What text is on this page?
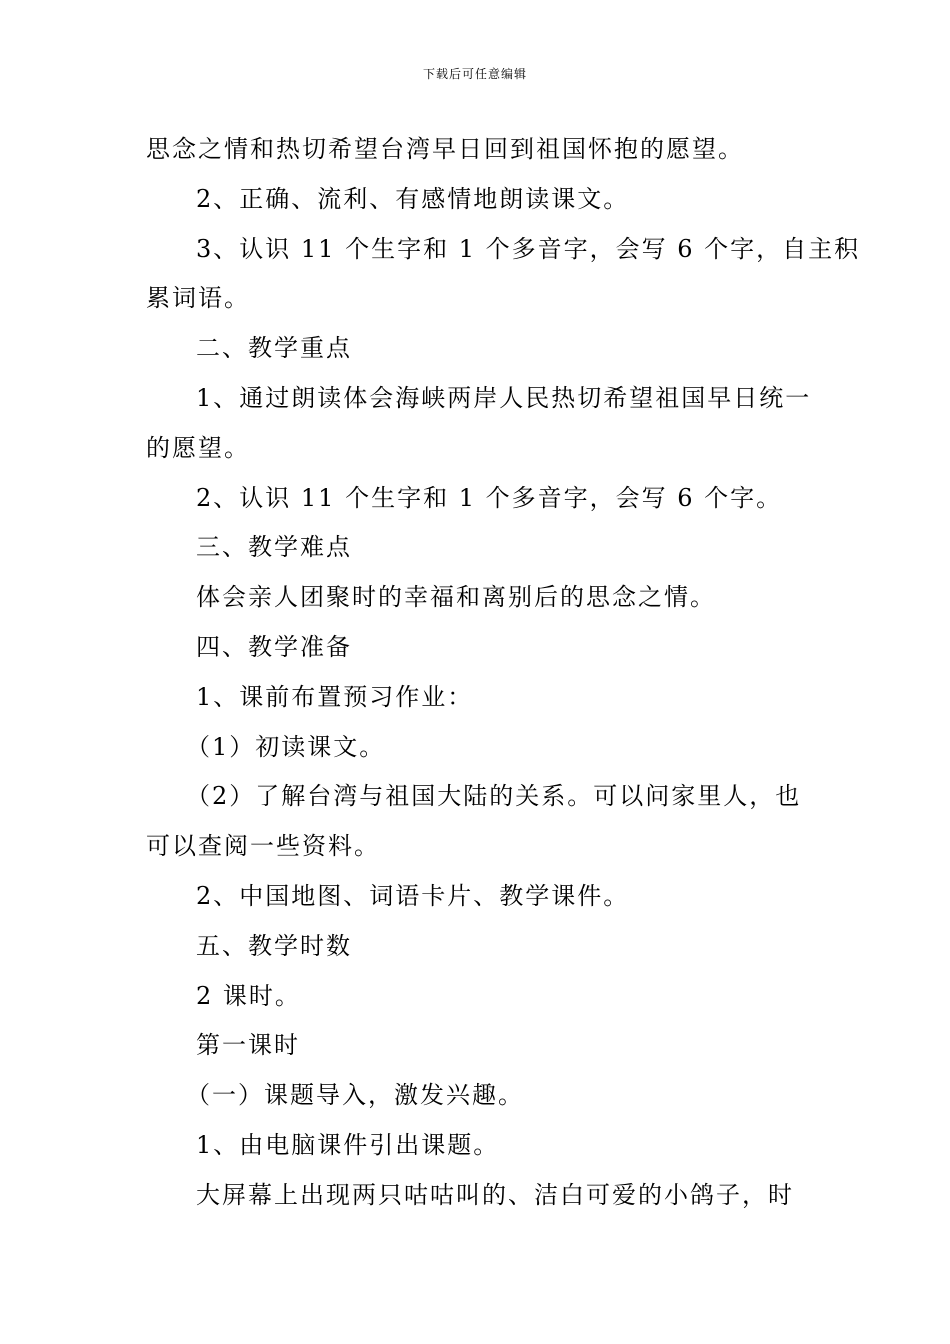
下载后可任意编辑

思念之情和热切希望台湾早日回到祖国怀抱的愿望。

2、正确、流利、有感情地朗读课文。

3、认识 11 个生字和 1 个多音字，会写 6 个字，自主积

累词语。

二、教学重点

1、通过朗读体会海峡两岸人民热切希望祖国早日统一

的愿望。

2、认识 11 个生字和 1 个多音字，会写 6 个字。

三、教学难点

体会亲人团聚时的幸福和离别后的思念之情。

四、教学准备

1、课前布置预习作业：

（1）初读课文。

（2）了解台湾与祖国大陆的关系。可以问家里人，也

可以查阅一些资料。

2、中国地图、词语卡片、教学课件。

五、教学时数

2 课时。

第一课时

（一）课题导入，激发兴趣。

1、由电脑课件引出课题。

大屏幕上出现两只咕咕叫的、洁白可爱的小鸽子，时
